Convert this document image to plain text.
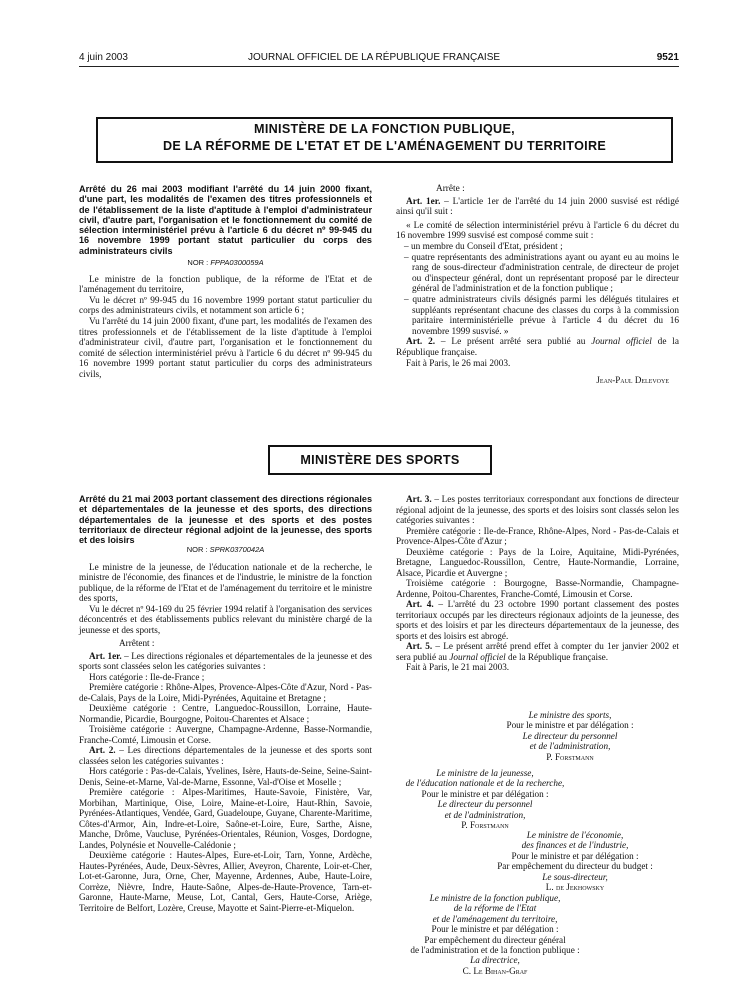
4 juin 2003	JOURNAL OFFICIEL DE LA RÉPUBLIQUE FRANÇAISE	9521
MINISTÈRE DE LA FONCTION PUBLIQUE,
DE LA RÉFORME DE L'ETAT ET DE L'AMÉNAGEMENT DU TERRITOIRE
Arrêté du 26 mai 2003 modifiant l'arrêté du 14 juin 2000 fixant, d'une part, les modalités de l'examen des titres professionnels et de l'établissement de la liste d'aptitude à l'emploi d'administrateur civil, d'autre part, l'organisation et le fonctionnement du comité de sélection interministériel prévu à l'article 6 du décret nº 99-945 du 16 novembre 1999 portant statut particulier du corps des administrateurs civils
NOR : FPPA0300059A

Le ministre de la fonction publique, de la réforme de l'Etat et de l'aménagement du territoire,

Vu le décret nº 99-945 du 16 novembre 1999 portant statut particulier du corps des administrateurs civils, et notamment son article 6 ;

Vu l'arrêté du 14 juin 2000 fixant, d'une part, les modalités de l'examen des titres professionnels et de l'établissement de la liste d'aptitude à l'emploi d'administrateur civil, d'autre part, l'organisation et le fonctionnement du comité de sélection interministériel prévu à l'article 6 du décret nº 99-945 du 16 novembre 1999 portant statut particulier du corps des administrateurs civils,

Arrête :

Art. 1er. – L'article 1er de l'arrêté du 14 juin 2000 susvisé est rédigé ainsi qu'il suit :

« Le comité de sélection interministériel prévu à l'article 6 du décret du 16 novembre 1999 susvisé est composé comme suit :

– un membre du Conseil d'Etat, président ;

– quatre représentants des administrations ayant ou ayant eu au moins le rang de sous-directeur d'administration centrale, de directeur de projet ou d'inspecteur général, dont un représentant proposé par le directeur général de l'administration et de la fonction publique ;

– quatre administrateurs civils désignés parmi les délégués titulaires et suppléants représentant chacune des classes du corps à la commission paritaire interministérielle prévue à l'article 4 du décret du 16 novembre 1999 susvisé. »

Art. 2. – Le présent arrêté sera publié au Journal officiel de la République française.

Fait à Paris, le 26 mai 2003.

Jean-Paul Delevoye
MINISTÈRE DES SPORTS
Arrêté du 21 mai 2003 portant classement des directions régionales et départementales de la jeunesse et des sports, des directions départementales de la jeunesse et des sports et des postes territoriaux de directeur régional adjoint de la jeunesse, des sports et des loisirs
NOR : SPRK0370042A

Le ministre de la jeunesse, de l'éducation nationale et de la recherche, le ministre de l'économie, des finances et de l'industrie, le ministre de la fonction publique, de la réforme de l'Etat et de l'aménagement du territoire et le ministre des sports,

Vu le décret nº 94-169 du 25 février 1994 relatif à l'organisation des services déconcentrés et des établissements publics relevant du ministère chargé de la jeunesse et des sports,

Arrêtent :

Art. 1er. – Les directions régionales et départementales de la jeunesse et des sports sont classées selon les catégories suivantes :

Hors catégorie : Ile-de-France ;

Première catégorie : Rhône-Alpes, Provence-Alpes-Côte d'Azur, Nord - Pas-de-Calais, Pays de la Loire, Midi-Pyrénées, Aquitaine et Bretagne ;

Deuxième catégorie : Centre, Languedoc-Roussillon, Lorraine, Haute-Normandie, Picardie, Bourgogne, Poitou-Charentes et Alsace ;

Troisième catégorie : Auvergne, Champagne-Ardenne, Basse-Normandie, Franche-Comté, Limousin et Corse.

Art. 2. – Les directions départementales de la jeunesse et des sports sont classées selon les catégories suivantes :

Hors catégorie : Pas-de-Calais, Yvelines, Isère, Hauts-de-Seine, Seine-Saint-Denis, Seine-et-Marne, Val-de-Marne, Essonne, Val-d'Oise et Moselle ;

Première catégorie : Alpes-Maritimes, Haute-Savoie, Finistère, Var, Morbihan, Martinique, Oise, Loire, Maine-et-Loire, Haut-Rhin, Savoie, Pyrénées-Atlantiques, Vendée, Gard, Guadeloupe, Guyane, Charente-Maritime, Côtes-d'Armor, Ain, Indre-et-Loire, Saône-et-Loire, Eure, Sarthe, Aisne, Manche, Drôme, Vaucluse, Pyrénées-Orientales, Réunion, Vosges, Dordogne, Landes, Polynésie et Nouvelle-Calédonie ;

Deuxième catégorie : Hautes-Alpes, Eure-et-Loir, Tarn, Yonne, Ardèche, Hautes-Pyrénées, Aude, Deux-Sèvres, Allier, Aveyron, Charente, Loir-et-Cher, Lot-et-Garonne, Jura, Orne, Cher, Mayenne, Ardennes, Aube, Haute-Loire, Corrèze, Nièvre, Indre, Haute-Saône, Alpes-de-Haute-Provence, Tarn-et-Garonne, Haute-Marne, Meuse, Lot, Cantal, Gers, Haute-Corse, Ariège, Territoire de Belfort, Lozère, Creuse, Mayotte et Saint-Pierre-et-Miquelon.

Art. 3. – Les postes territoriaux correspondant aux fonctions de directeur régional adjoint de la jeunesse, des sports et des loisirs sont classés selon les catégories suivantes :

Première catégorie : Ile-de-France, Rhône-Alpes, Nord - Pas-de-Calais et Provence-Alpes-Côte d'Azur ;

Deuxième catégorie : Pays de la Loire, Aquitaine, Midi-Pyrénées, Bretagne, Languedoc-Roussillon, Centre, Haute-Normandie, Lorraine, Alsace, Picardie et Auvergne ;

Troisième catégorie : Bourgogne, Basse-Normandie, Champagne-Ardenne, Poitou-Charentes, Franche-Comté, Limousin et Corse.

Art. 4. – L'arrêté du 23 octobre 1990 portant classement des postes territoriaux occupés par les directeurs régionaux adjoints de la jeunesse, des sports et des loisirs et par les directeurs départementaux de la jeunesse, des sports et des loisirs est abrogé.

Art. 5. – Le présent arrêté prend effet à compter du 1er janvier 2002 et sera publié au Journal officiel de la République française.

Fait à Paris, le 21 mai 2003.

Le ministre des sports,
Pour le ministre et par délégation :
Le directeur du personnel
et de l'administration,
P. Forstmann
Le ministre de la jeunesse,
de l'éducation nationale et de la recherche,
Pour le ministre et par délégation :
Le directeur du personnel
et de l'administration,
P. Forstmann
Le ministre de l'économie,
des finances et de l'industrie,
Pour le ministre et par délégation :
Par empêchement du directeur du budget :
Le sous-directeur,
L. de Jekhowsky
Le ministre de la fonction publique,
de la réforme de l'Etat
et de l'aménagement du territoire,
Pour le ministre et par délégation :
Par empêchement du directeur général
de l'administration et de la fonction publique :
La directrice,
C. Le Bihan-Graf
